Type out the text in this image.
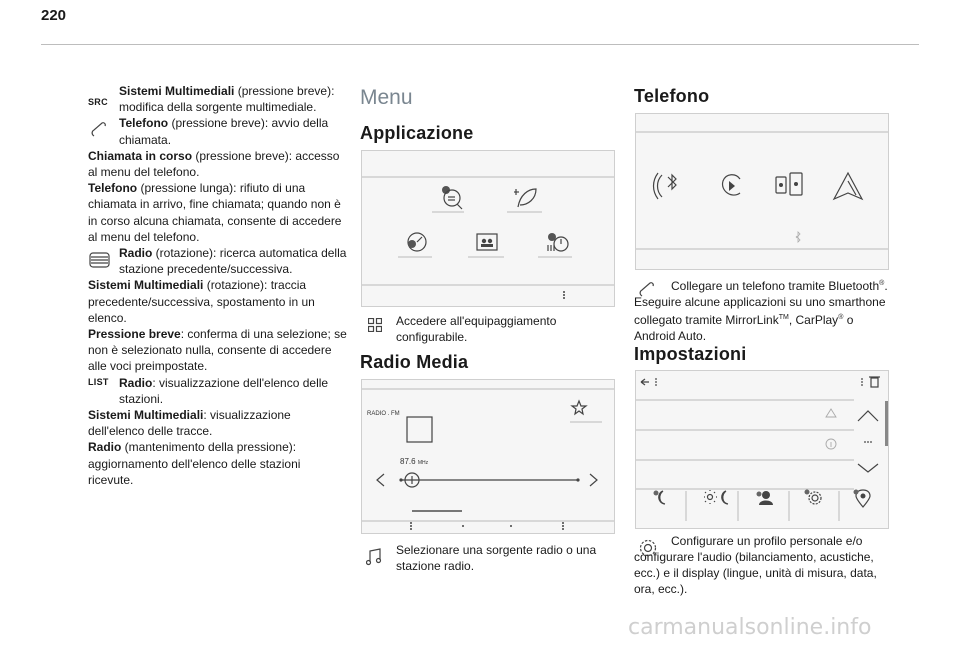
220
SRC
LIST

Sistemi Multimediali (pressione breve): modifica della sorgente multimediale.

Telefono (pressione breve): avvio della chiamata.

Chiamata in corso (pressione breve): accesso al menu del telefono.

Telefono (pressione lunga): rifiuto di una chiamata in arrivo, fine chiamata; quando non è in corso alcuna chiamata, consente di accedere al menu del telefono.

Radio (rotazione): ricerca automatica della stazione precedente/successiva.

Sistemi Multimediali (rotazione): traccia precedente/successiva, spostamento in un elenco.

Pressione breve: conferma di una selezione; se non è selezionato nulla, consente di accedere alle voci preimpostate.

Radio: visualizzazione dell'elenco delle stazioni.

Sistemi Multimediali: visualizzazione dell'elenco delle tracce.

Radio (mantenimento della pressione): aggiornamento dell'elenco delle stazioni ricevute.

Menu
Applicazione
Accedere all'equipaggiamento configurabile.
Radio Media
RADIO . FM
87.6 MHz
Selezionare una sorgente radio o una stazione radio.
Telefono
Collegare un telefono tramite Bluetooth®. Eseguire alcune applicazioni su uno smarthone collegato tramite MirrorLink™, CarPlay® o Android Auto.
Impostazioni
Configurare un profilo personale e/o configurare l'audio (bilanciamento, acustiche, ecc.) e il display (lingue, unità di misura, data, ora, ecc.).
carmanualsonline.info
